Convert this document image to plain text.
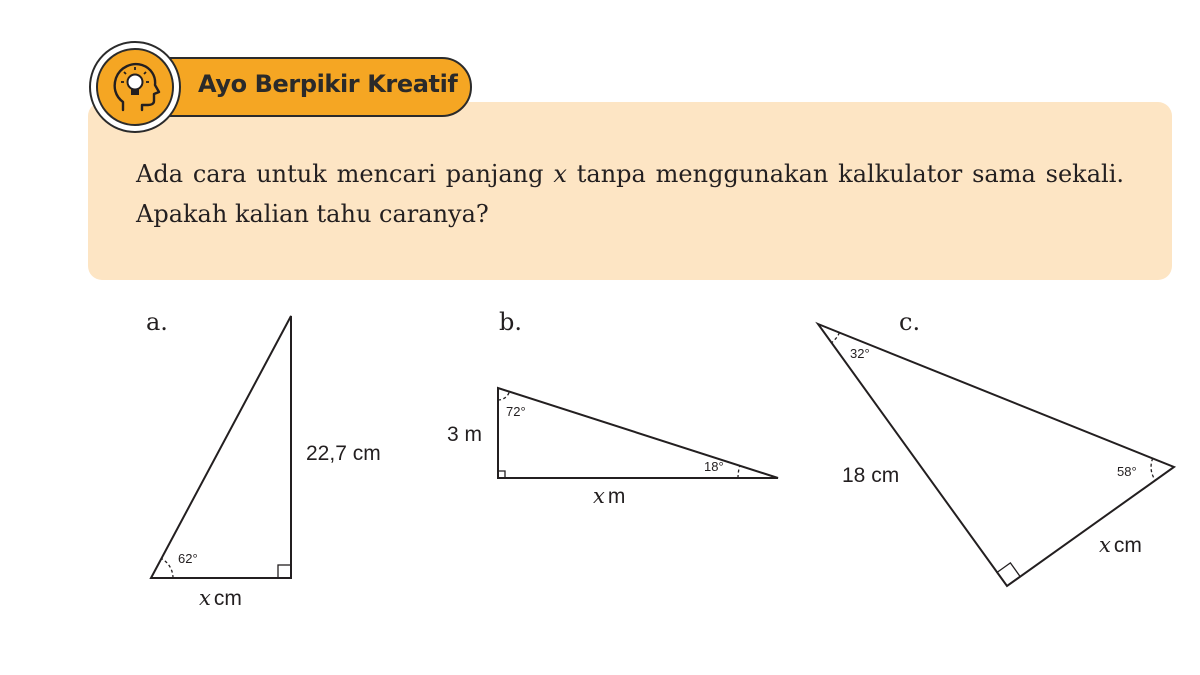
Ada cara untuk mencari panjang x tanpa menggunakan kalkulator sama sekali. Apakah kalian tahu caranya?

Ayo Berpikir Kreatif
a.
62°
22,7 cm
x cm
b.
72°
18°
3 m
x m
c.
32°
58°
18 cm
x cm
